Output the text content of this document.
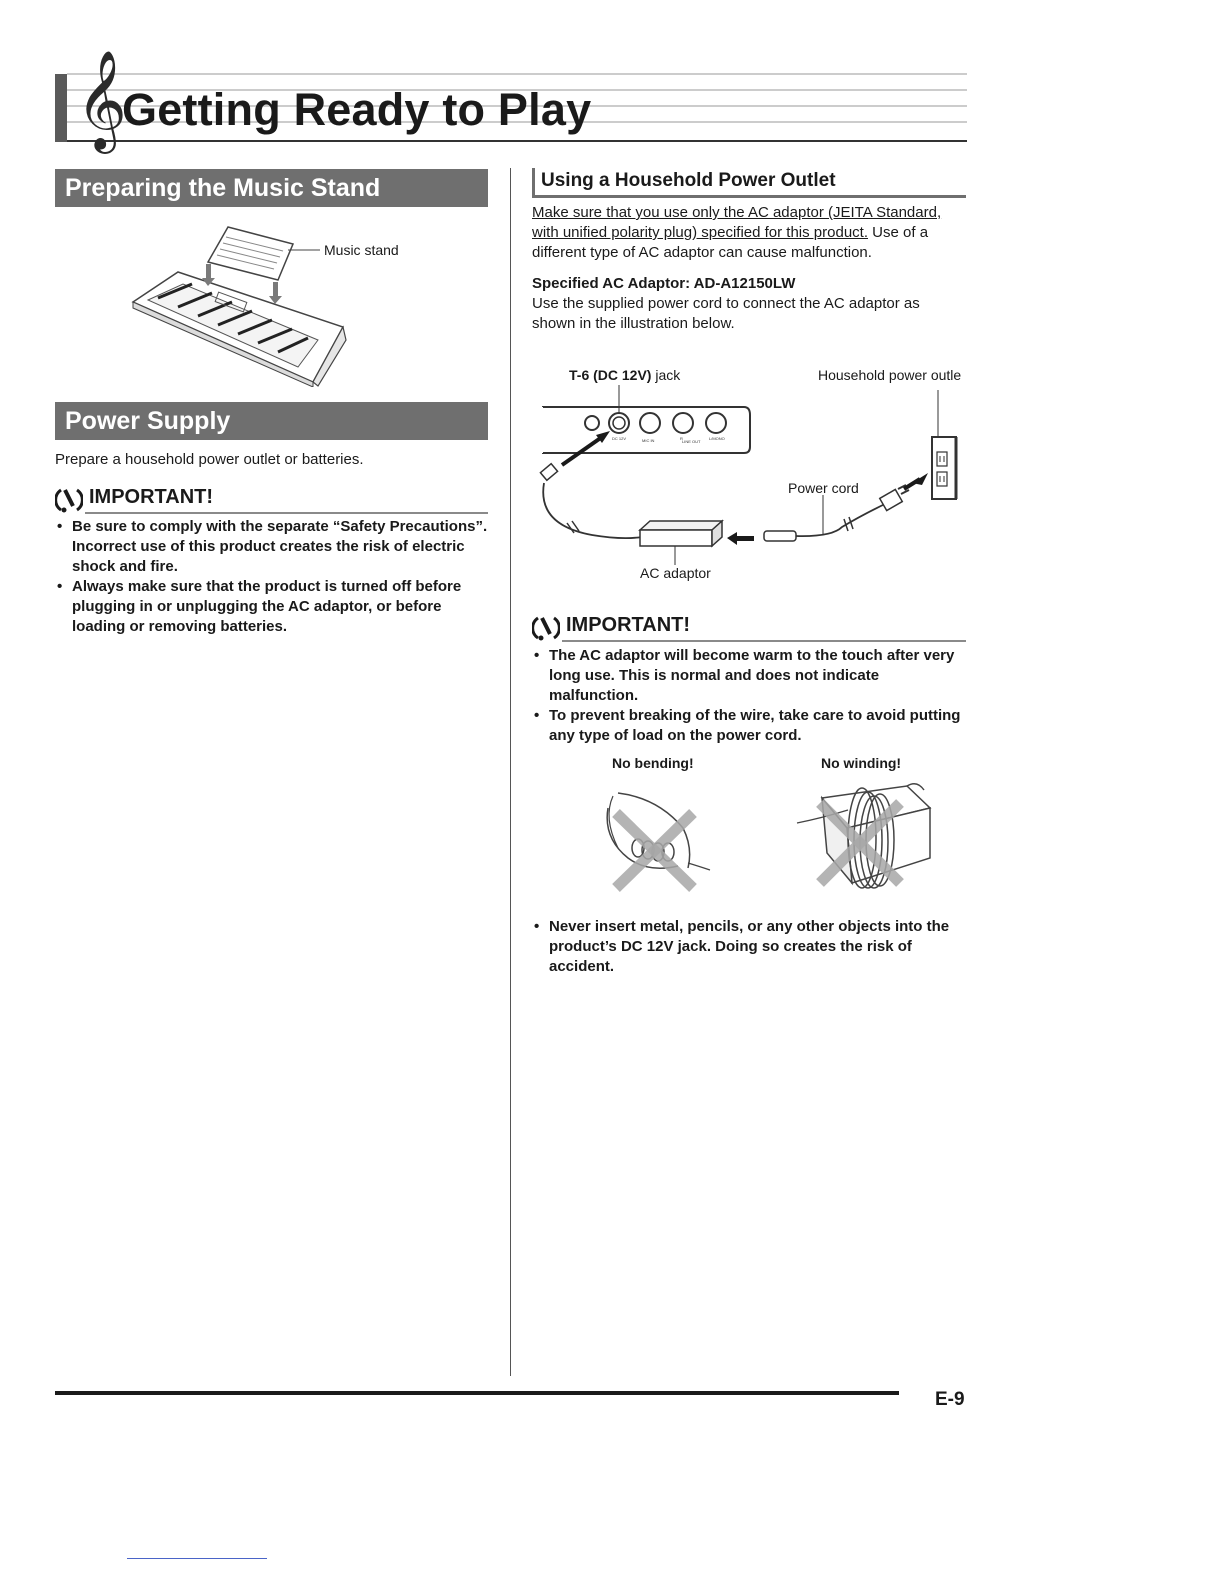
𝄞
Getting Ready to Play
Preparing the Music Stand
Music stand
Power Supply
Prepare a household power outlet or batteries.
IMPORTANT!
• Be sure to comply with the separate “Safety Precautions”. Incorrect use of this product creates the risk of electric shock and fire.
• Always make sure that the product is turned off before plugging in or unplugging the AC adaptor, or before loading or removing batteries.
Using a Household Power Outlet
Make sure that you use only the AC adaptor (JEITA Standard, with unified polarity plug) specified for this product. Use of a different type of AC adaptor can cause malfunction.
Specified AC Adaptor: AD-A12150LW
Use the supplied power cord to connect the AC adaptor as shown in the illustration below.
T-6 (DC 12V) jack	Household power outle
DC 12V	MIC IN	R	L/MONO
LINE OUT
Power cord
AC adaptor
IMPORTANT!
• The AC adaptor will become warm to the touch after very long use. This is normal and does not indicate malfunction.
• To prevent breaking of the wire, take care to avoid putting any type of load on the power cord.
No bending!	No winding!
• Never insert metal, pencils, or any other objects into the product’s DC 12V jack. Doing so creates the risk of accident.
E-9
